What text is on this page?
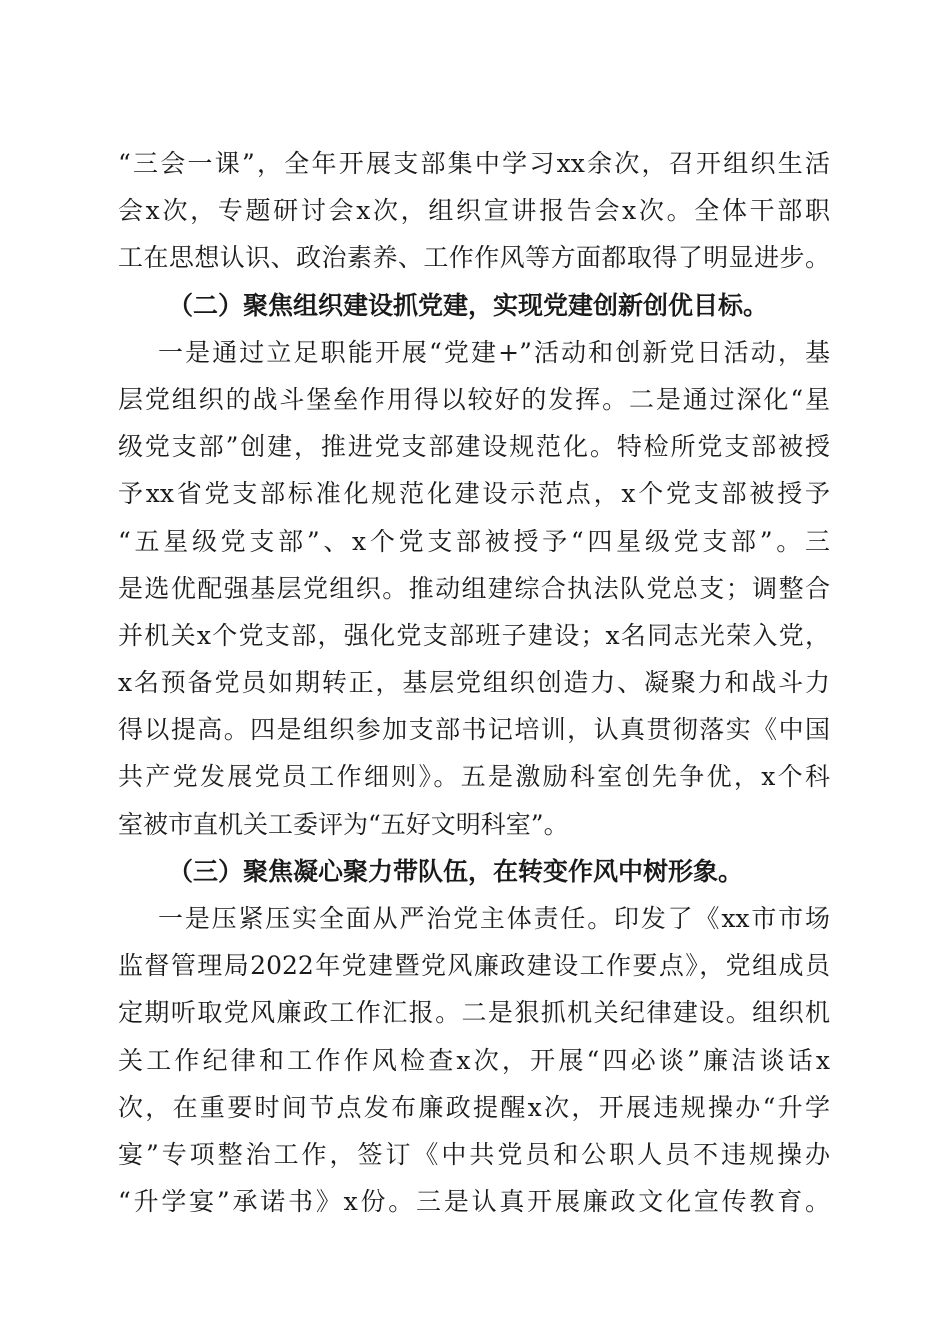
“三会一课”，全年开展支部集中学习xx余次，召开组织生活
会x次，专题研讨会x次，组织宣讲报告会x次。全体干部职
工在思想认识、政治素养、工作作风等方面都取得了明显进步。
（二）聚焦组织建设抓党建，实现党建创新创优目标。
一是通过立足职能开展“党建+”活动和创新党日活动，基
层党组织的战斗堡垒作用得以较好的发挥。二是通过深化“星
级党支部”创建，推进党支部建设规范化。特检所党支部被授
予xx省党支部标准化规范化建设示范点，x个党支部被授予
“五星级党支部”、x个党支部被授予“四星级党支部”。三
是选优配强基层党组织。推动组建综合执法队党总支；调整合
并机关x个党支部，强化党支部班子建设；x名同志光荣入党，
x名预备党员如期转正，基层党组织创造力、凝聚力和战斗力
得以提高。四是组织参加支部书记培训，认真贯彻落实《中国
共产党发展党员工作细则》。五是激励科室创先争优，x个科
室被市直机关工委评为“五好文明科室”。
（三）聚焦凝心聚力带队伍，在转变作风中树形象。
一是压紧压实全面从严治党主体责任。印发了《xx市市场
监督管理局2022年党建暨党风廉政建设工作要点》，党组成员
定期听取党风廉政工作汇报。二是狠抓机关纪律建设。组织机
关工作纪律和工作作风检查x次，开展“四必谈”廉洁谈话x
次，在重要时间节点发布廉政提醒x次，开展违规操办“升学
宴”专项整治工作，签订《中共党员和公职人员不违规操办
“升学宴”承诺书》x份。三是认真开展廉政文化宣传教育。
